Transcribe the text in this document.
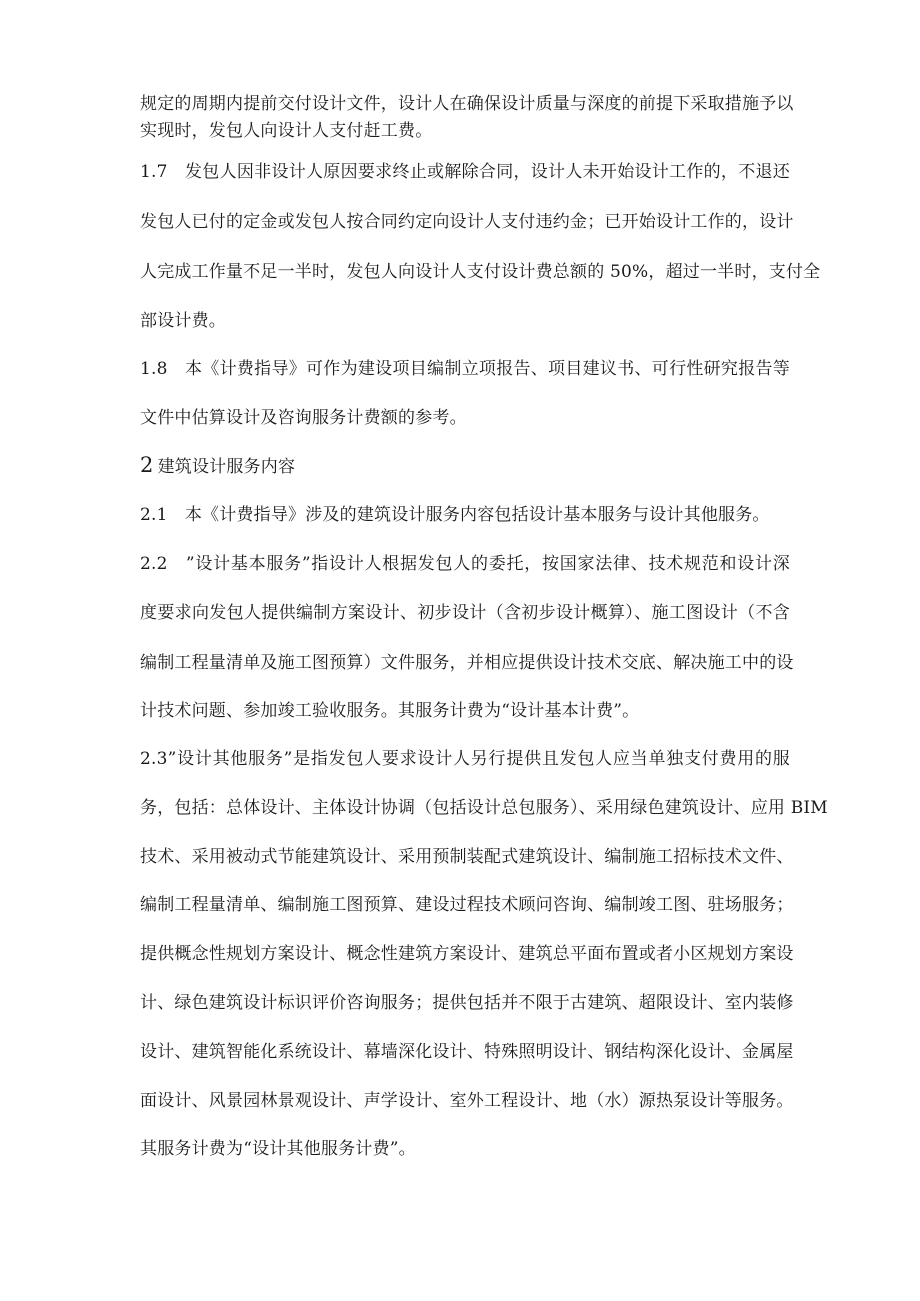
规定的周期内提前交付设计文件，设计人在确保设计质量与深度的前提下采取措施予以
实现时，发包人向设计人支付赶工费。
1.7　发包人因非设计人原因要求终止或解除合同，设计人未开始设计工作的，不退还
发包人已付的定金或发包人按合同约定向设计人支付违约金；已开始设计工作的，设计
人完成工作量不足一半时，发包人向设计人支付设计费总额的 50%，超过一半时，支付全
部设计费。
1.8　本《计费指导》可作为建设项目编制立项报告、项目建议书、可行性研究报告等
文件中估算设计及咨询服务计费额的参考。
2 建筑设计服务内容
2.1　本《计费指导》涉及的建筑设计服务内容包括设计基本服务与设计其他服务。
2.2　”设计基本服务”指设计人根据发包人的委托，按国家法律、技术规范和设计深
度要求向发包人提供编制方案设计、初步设计（含初步设计概算）、施工图设计（不含
编制工程量清单及施工图预算）文件服务，并相应提供设计技术交底、解决施工中的设
计技术问题、参加竣工验收服务。其服务计费为“设计基本计费”。
2.3”设计其他服务”是指发包人要求设计人另行提供且发包人应当单独支付费用的服
务，包括：总体设计、主体设计协调（包括设计总包服务）、采用绿色建筑设计、应用 BIM
技术、采用被动式节能建筑设计、采用预制装配式建筑设计、编制施工招标技术文件、
编制工程量清单、编制施工图预算、建设过程技术顾问咨询、编制竣工图、驻场服务；
提供概念性规划方案设计、概念性建筑方案设计、建筑总平面布置或者小区规划方案设
计、绿色建筑设计标识评价咨询服务；提供包括并不限于古建筑、超限设计、室内装修
设计、建筑智能化系统设计、幕墙深化设计、特殊照明设计、钢结构深化设计、金属屋
面设计、风景园林景观设计、声学设计、室外工程设计、地（水）源热泵设计等服务。
其服务计费为“设计其他服务计费”。
